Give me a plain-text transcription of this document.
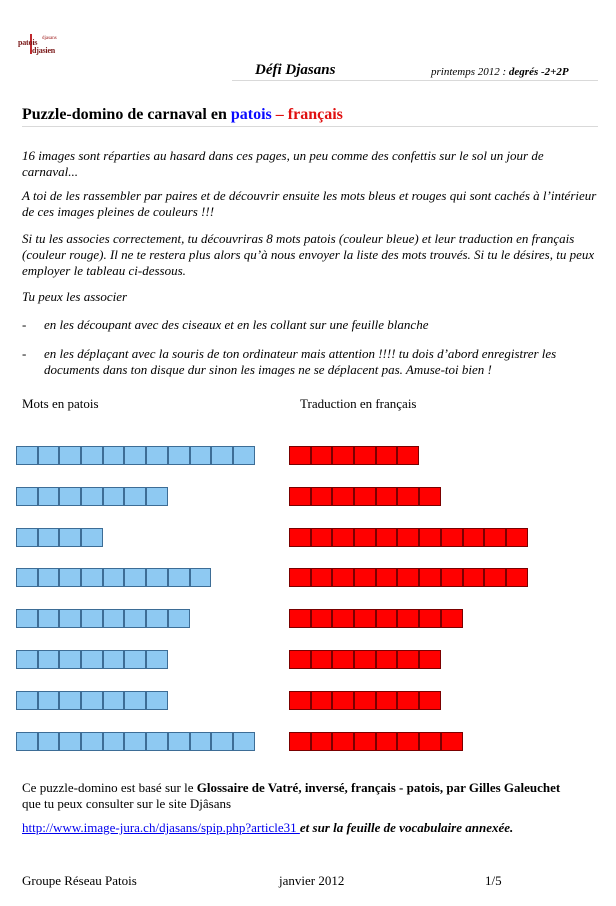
patois djasans
djasien
Défi Djasans	printemps 2012 : degrés -2+2P
Puzzle-domino de carnaval en patois – français
16 images sont réparties au hasard dans ces pages, un peu comme des confettis sur le sol un jour de carnaval...
A toi de les rassembler par paires et de découvrir ensuite les mots bleus et rouges qui sont cachés à l’intérieur de ces images pleines de couleurs !!!
Si tu les associes correctement, tu découvriras 8 mots patois (couleur bleue) et leur traduction en français (couleur rouge). Il ne te restera plus alors qu’à nous envoyer la liste des mots trouvés. Si tu le désires, tu peux employer le tableau ci-dessous.
Tu peux les associer
- en les découpant avec des ciseaux et en les collant sur une feuille blanche
- en les déplaçant avec la souris de ton ordinateur mais attention !!!! tu dois d’abord enregistrer les documents dans ton disque dur sinon les images ne se déplacent pas. Amuse-toi bien !
Mots en patois	Traduction en français
Ce puzzle-domino est basé sur le Glossaire de Vatré, inversé, français - patois, par Gilles Galeuchet que tu peux consulter sur le site Djâsans
http://www.image-jura.ch/djasans/spip.php?article31 et sur la feuille de vocabulaire annexée.
Groupe Réseau Patois	janvier 2012	1/5
